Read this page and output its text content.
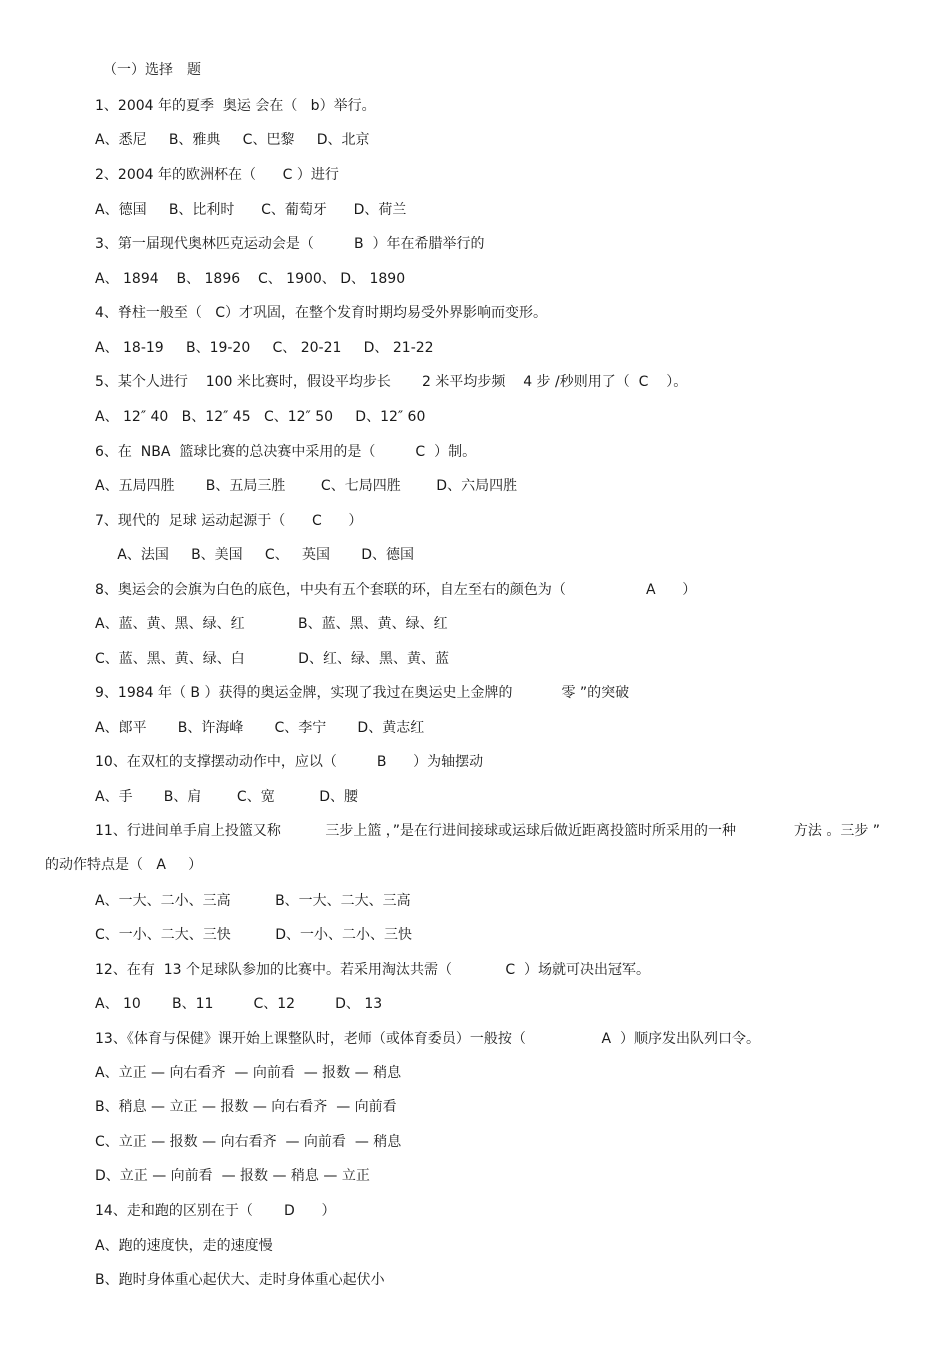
（一）选择　题
1、2004 年的夏季  奥运 会在（   b）举行。
A、悉尼     B、雅典     C、巴黎     D、北京
2、2004 年的欧洲杯在（      C ）进行
A、德国     B、比利时      C、葡萄牙      D、荷兰
3、第一届现代奥林匹克运动会是（         B  ）年在希腊举行的
A、 1894    B、 1896    C、 1900、 D、 1890
4、脊柱一般至（   C）才巩固，在整个发育时期均易受外界影响而变形。
A、 18-19     B、19-20     C、 20-21     D、 21-22
5、某个人进行    100 米比赛时，假设平均步长       2 米平均步频    4 步 /秒则用了（  C    ）。
A、 12″ 40   B、12″ 45   C、12″ 50     D、12″ 60
6、在  NBA  篮球比赛的总决赛中采用的是（         C  ）制。
A、五局四胜       B、五局三胜        C、七局四胜        D、六局四胜
7、现代的  足球 运动起源于（      C      ）
A、法国     B、美国     C、   英国       D、德国
8、奥运会的会旗为白色的底色，中央有五个套联的环，自左至右的颜色为（                  A      ）
A、蓝、黄、黑、绿、红            B、蓝、黑、黄、绿、红
C、蓝、黑、黄、绿、白            D、红、绿、黑、黄、蓝
9、1984 年（ B ）获得的奥运金牌，实现了我过在奥运史上金牌的           零 ”的突破
A、郎平       B、许海峰       C、李宁       D、黄志红
10、在双杠的支撑摆动动作中，应以（         B      ）为轴摆动
A、手       B、肩        C、宽          D、腰
11、行进间单手肩上投篮又称          三步上篮 ，”是在行进间接球或运球后做近距离投篮时所采用的一种             方法 。三步 ”
的动作特点是（   A     ）
A、一大、二小、三高          B、一大、二大、三高
C、一小、二大、三快          D、一小、二小、三快
12、在有  13 个足球队参加的比赛中。若采用淘汰共需（            C  ）场就可决出冠军。
A、 10       B、11         C、12         D、 13
13、《体育与保健》课开始上课整队时，老师（或体育委员）一般按（                 A  ）顺序发出队列口令。
A、立正 — 向右看齐  — 向前看  — 报数 — 稍息
B、稍息 — 立正 — 报数 — 向右看齐  — 向前看
C、立正 — 报数 — 向右看齐  — 向前看  — 稍息
D、立正 — 向前看  — 报数 — 稍息 — 立正
14、走和跑的区别在于（       D      ）
A、跑的速度快，走的速度慢
B、跑时身体重心起伏大、走时身体重心起伏小
